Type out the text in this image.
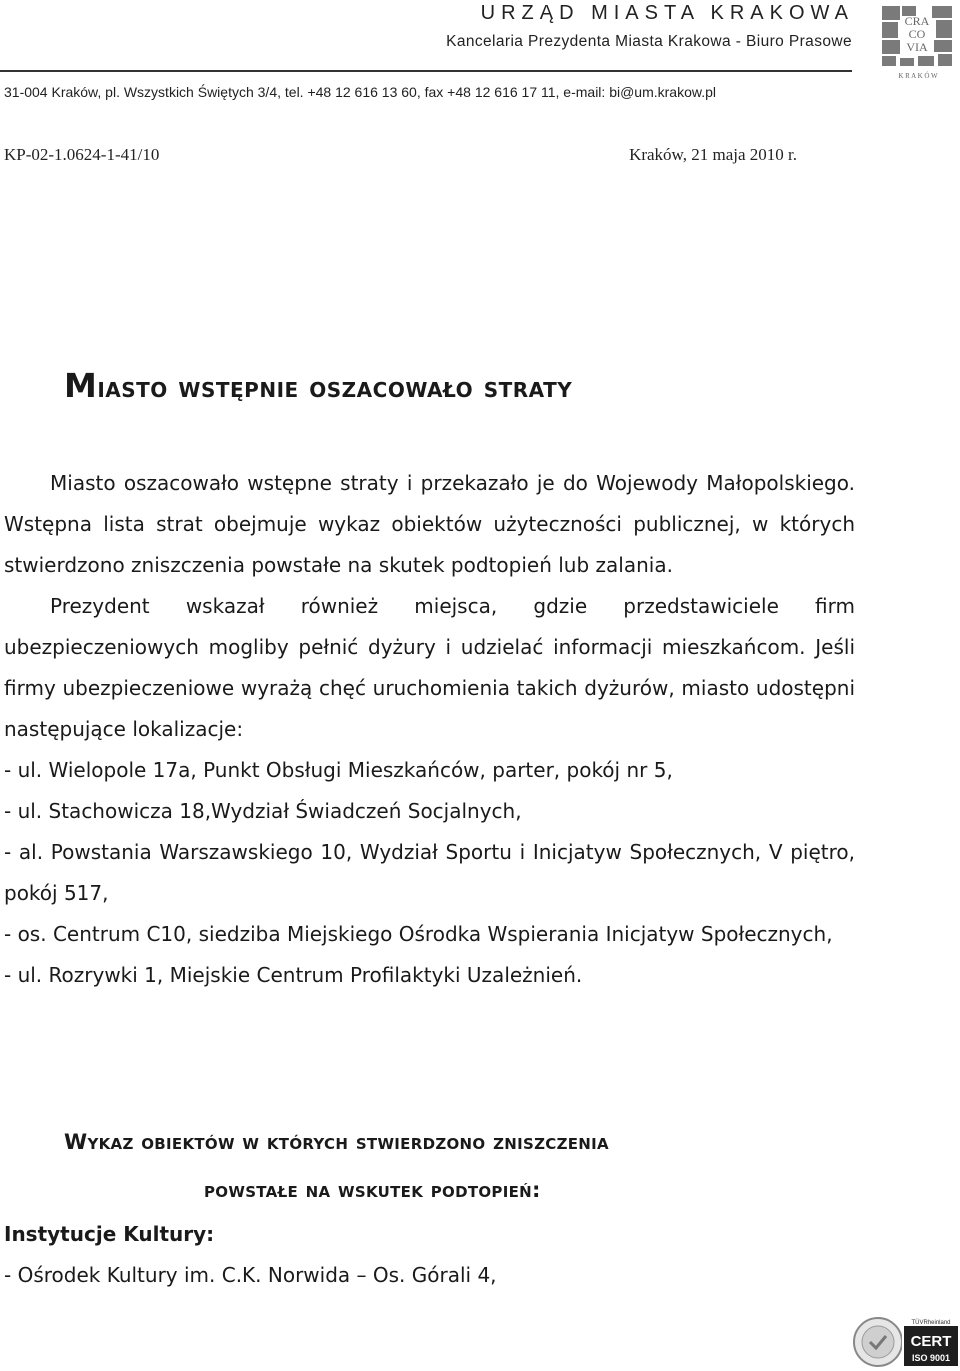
URZĄD MIASTA KRAKOWA
Kancelaria Prezydenta Miasta Krakowa - Biuro Prasowe
31-004 Kraków, pl. Wszystkich Świętych 3/4, tel. +48 12 616 13 60, fax +48 12 616 17 11, e-mail: bi@um.krakow.pl
CRA
CO
VIA
K R A K Ó W
KP-02-1.0624-1-41/10	Kraków, 21 maja 2010 r.
Miasto wstępnie oszacowało straty

Miasto oszacowało wstępne straty i przekazało je do Wojewody Małopolskiego. Wstępna lista strat obejmuje wykaz obiektów użyteczności publicznej, w których stwierdzono zniszczenia powstałe na skutek podtopień lub zalania.

Prezydent wskazał również miejsca, gdzie przedstawiciele firm ubezpieczeniowych mogliby pełnić dyżury i udzielać informacji mieszkańcom. Jeśli firmy ubezpieczeniowe wyrażą chęć uruchomienia takich dyżurów, miasto udostępni następujące lokalizacje:

- ul. Wielopole 17a, Punkt Obsługi Mieszkańców, parter, pokój nr 5,

- ul. Stachowicza 18,Wydział Świadczeń Socjalnych,

- al. Powstania Warszawskiego 10, Wydział Sportu i Inicjatyw Społecznych, V piętro, pokój 517,

- os. Centrum C10, siedziba Miejskiego Ośrodka Wspierania Inicjatyw Społecznych,

- ul. Rozrywki 1, Miejskie Centrum Profilaktyki Uzależnień.

Wykaz obiektów w których stwierdzono zniszczenia
powstałe na wskutek podtopień:
Instytucje Kultury:
- Ośrodek Kultury im. C.K. Norwida – Os. Górali 4,
TÜVRheinland
CERT
ISO 9001
